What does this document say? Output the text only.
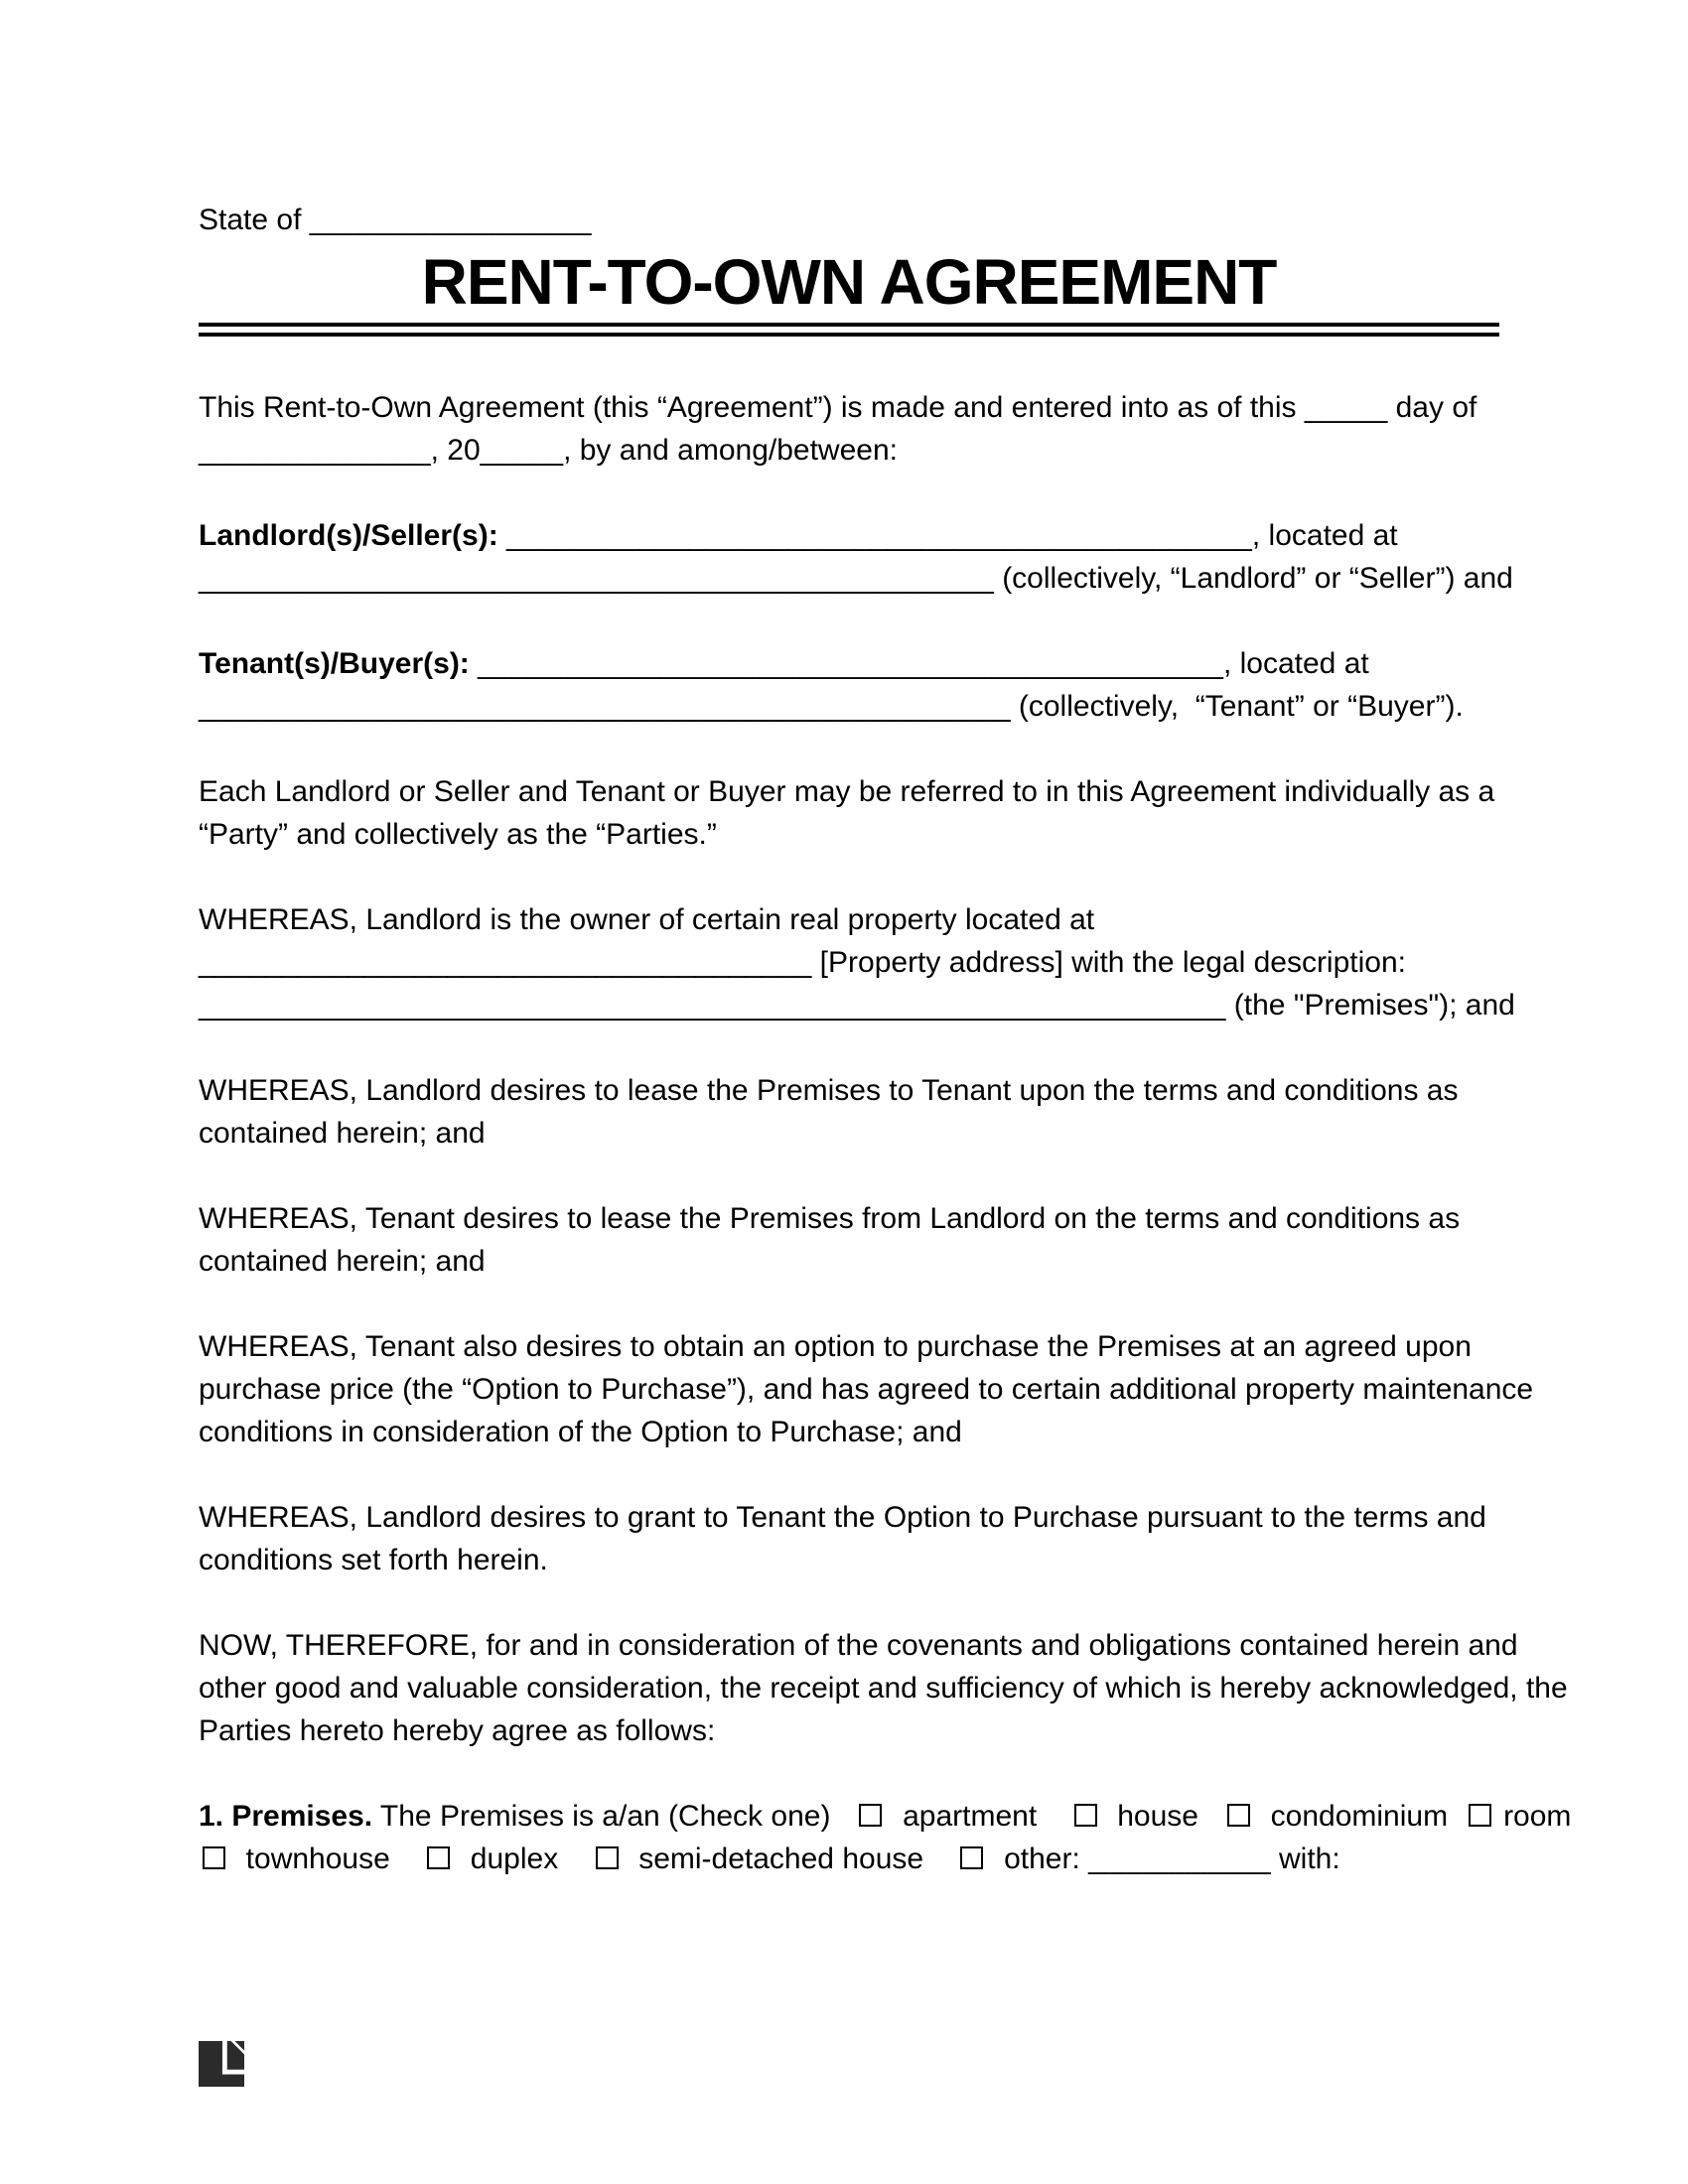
State of _________________

RENT-TO-OWN AGREEMENT

This Rent-to-Own Agreement (this “Agreement”) is made and entered into as of this _____ day of
______________, 20_____, by and among/between:

Landlord(s)/Seller(s): _____________________________________________, located at
________________________________________________ (collectively, “Landlord” or “Seller”) and

Tenant(s)/Buyer(s): _____________________________________________, located at
_________________________________________________ (collectively,  “Tenant” or “Buyer”).

Each Landlord or Seller and Tenant or Buyer may be referred to in this Agreement individually as a
“Party” and collectively as the “Parties.”

WHEREAS, Landlord is the owner of certain real property located at
_____________________________________ [Property address] with the legal description:
______________________________________________________________ (the "Premises"); and

WHEREAS, Landlord desires to lease the Premises to Tenant upon the terms and conditions as
contained herein; and

WHEREAS, Tenant desires to lease the Premises from Landlord on the terms and conditions as
contained herein; and

WHEREAS, Tenant also desires to obtain an option to purchase the Premises at an agreed upon
purchase price (the “Option to Purchase”), and has agreed to certain additional property maintenance
conditions in consideration of the Option to Purchase; and

WHEREAS, Landlord desires to grant to Tenant the Option to Purchase pursuant to the terms and
conditions set forth herein.

NOW, THEREFORE, for and in consideration of the covenants and obligations contained herein and
other good and valuable consideration, the receipt and sufficiency of which is hereby acknowledged, the
Parties hereto hereby agree as follows:

1. Premises. The Premises is a/an (Check one)     apartment      house     condominium   room
townhouse      duplex      semi-detached house      other: ___________ with:
